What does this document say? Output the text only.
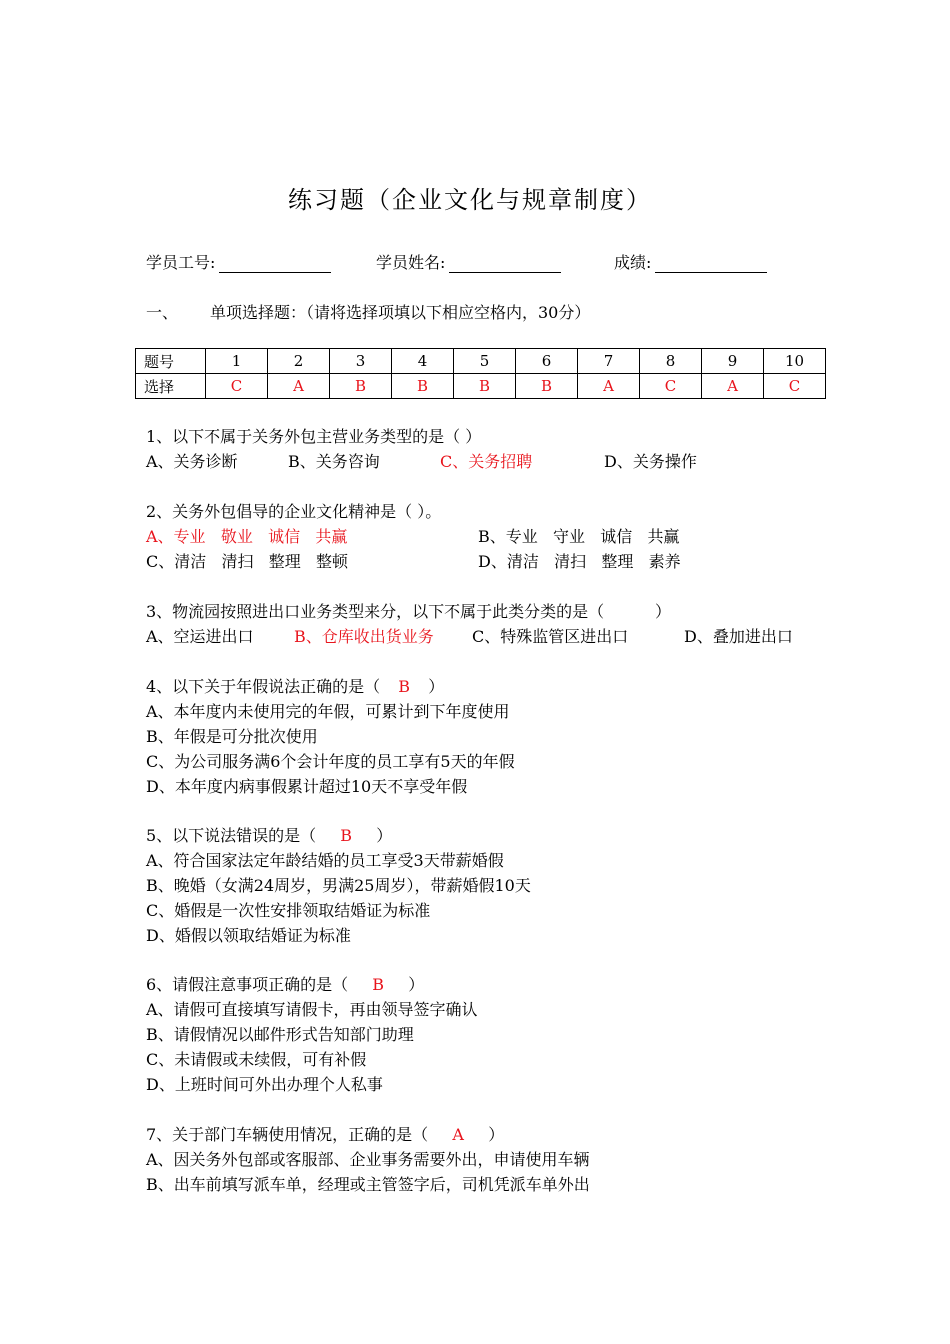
练习题（企业文化与规章制度）
学员工号:	学员姓名:	成绩:
一、 单项选择题：（请将选择项填以下相应空格内，30分）
题号	1	2	3	4	5	6	7	8	9	10
选择	C	A	B	B	B	B	A	C	A	C
1、以下不属于关务外包主营业务类型的是（ ）
A、关务诊断	B、关务咨询	C、关务招聘	D、关务操作
2、关务外包倡导的企业文化精神是（ ）。
A、专业   敬业   诚信   共赢	B、专业   守业   诚信   共赢
C、清洁   清扫   整理   整顿	D、清洁   清扫   整理   素养
3、物流园按照进出口业务类型来分，以下不属于此类分类的是（          ）
A、空运进出口	B、仓库收出货业务 C、特殊监管区进出口	D、叠加进出口
4、以下关于年假说法正确的是（ B ）
A、本年度内未使用完的年假，可累计到下年度使用
B、年假是可分批次使用
C、为公司服务满6个会计年度的员工享有5天的年假
D、本年度内病事假累计超过10天不享受年假
5、以下说法错误的是（ B ）
A、符合国家法定年龄结婚的员工享受3天带薪婚假
B、晚婚（女满24周岁，男满25周岁），带薪婚假10天
C、婚假是一次性安排领取结婚证为标准
D、婚假以领取结婚证为标准
6、请假注意事项正确的是（ B ）
A、请假可直接填写请假卡，再由领导签字确认
B、请假情况以邮件形式告知部门助理
C、未请假或未续假，可有补假
D、上班时间可外出办理个人私事
7、关于部门车辆使用情况，正确的是（ A ）
A、因关务外包部或客服部、企业事务需要外出，申请使用车辆
B、出车前填写派车单，经理或主管签字后，司机凭派车单外出
